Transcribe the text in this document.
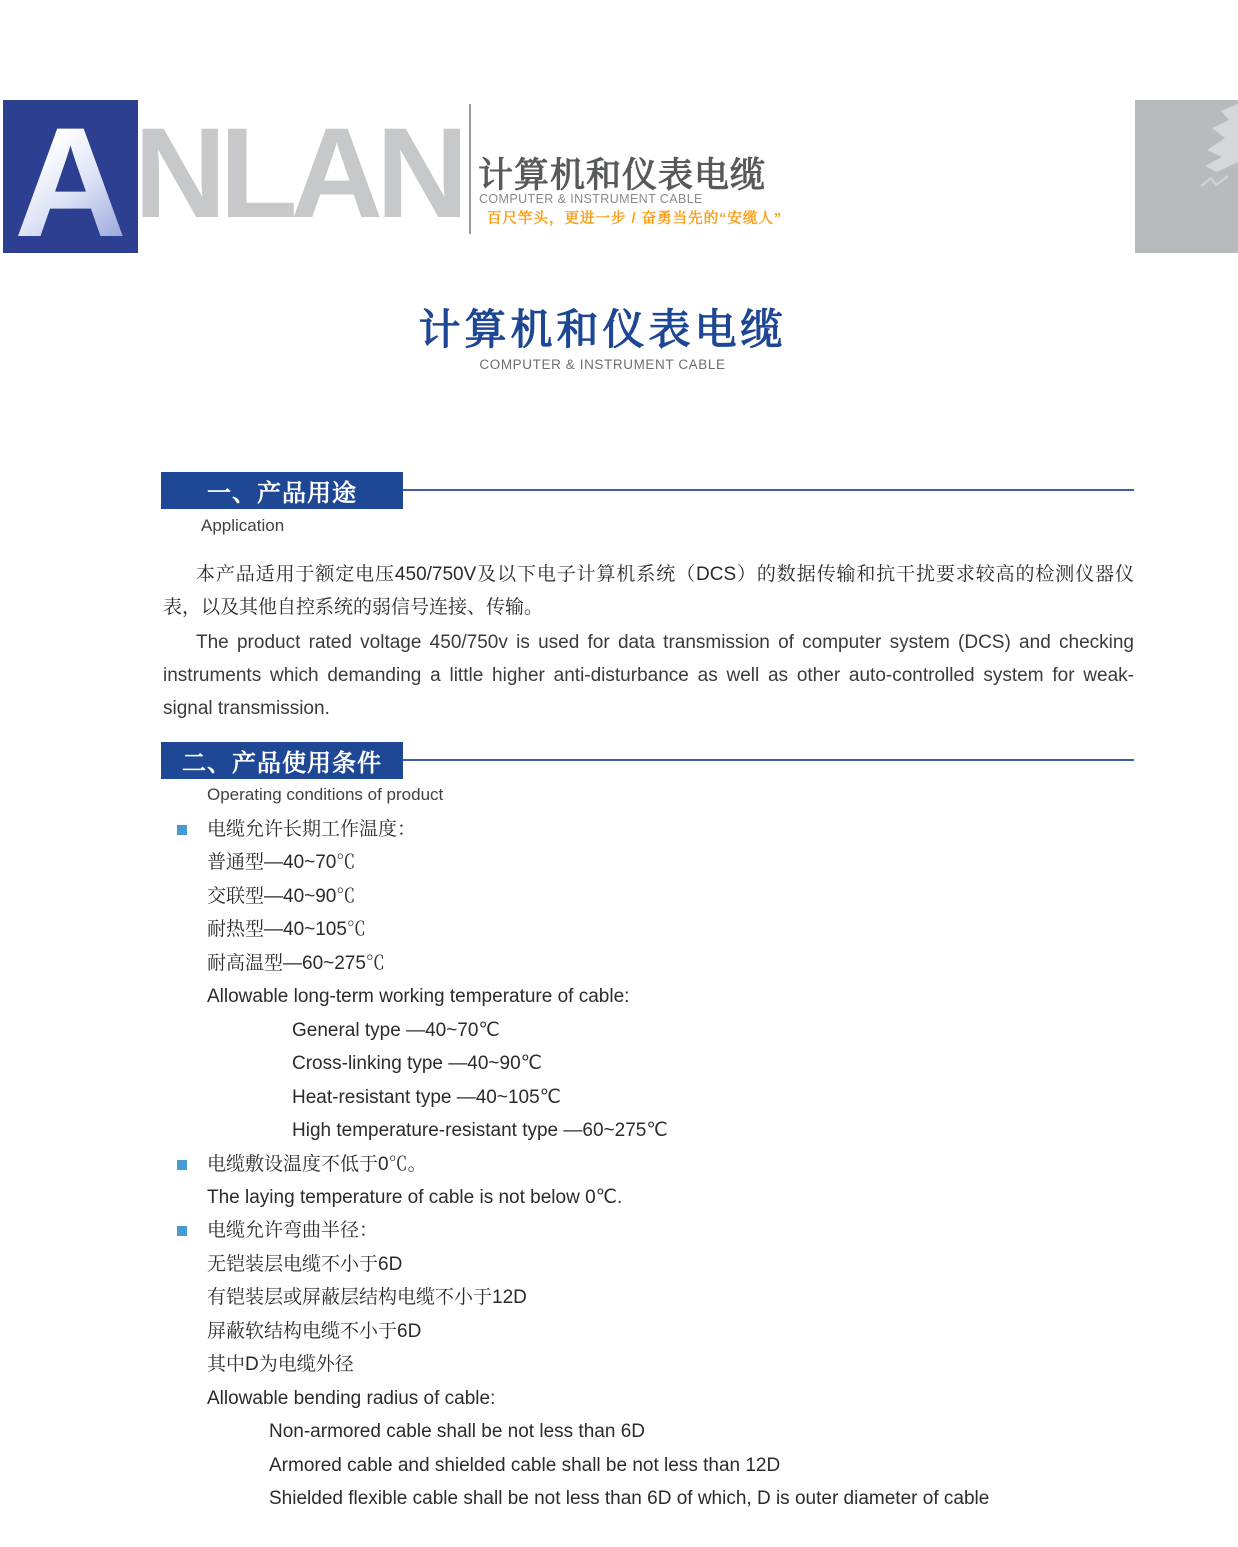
A NLAN 计算机和仪表电缆
COMPUTER & INSTRUMENT CABLE
百尺竿头，更进一步 / 奋勇当先的“安缆人”
计算机和仪表电缆
COMPUTER & INSTRUMENT CABLE
一、产品用途
Application
本产品适用于额定电压450/750V及以下电子计算机系统（DCS）的数据传输和抗干扰要求较高的检测仪器仪表，以及其他自控系统的弱信号连接、传输。
The product rated voltage 450/750v is used for data transmission of computer system (DCS) and checking instruments which demanding a little higher anti-disturbance as well as other auto-controlled system for weak-signal transmission.
二、产品使用条件
Operating conditions of product
电缆允许长期工作温度：
普通型—40~70℃
交联型—40~90℃
耐热型—40~105℃
耐高温型—60~275℃
Allowable long-term working temperature of cable:
General type —40~70℃
Cross-linking type —40~90℃
Heat-resistant type —40~105℃
High temperature-resistant type —60~275℃
电缆敷设温度不低于0℃。
The laying temperature of cable is not below 0℃.
电缆允许弯曲半径：
无铠装层电缆不小于6D
有铠装层或屏蔽层结构电缆不小于12D
屏蔽软结构电缆不小于6D
其中D为电缆外径
Allowable bending radius of cable:
Non-armored cable shall be not less than 6D
Armored cable and shielded cable shall be not less than 12D
Shielded flexible cable shall be not less than 6D of which, D is outer diameter of cable
